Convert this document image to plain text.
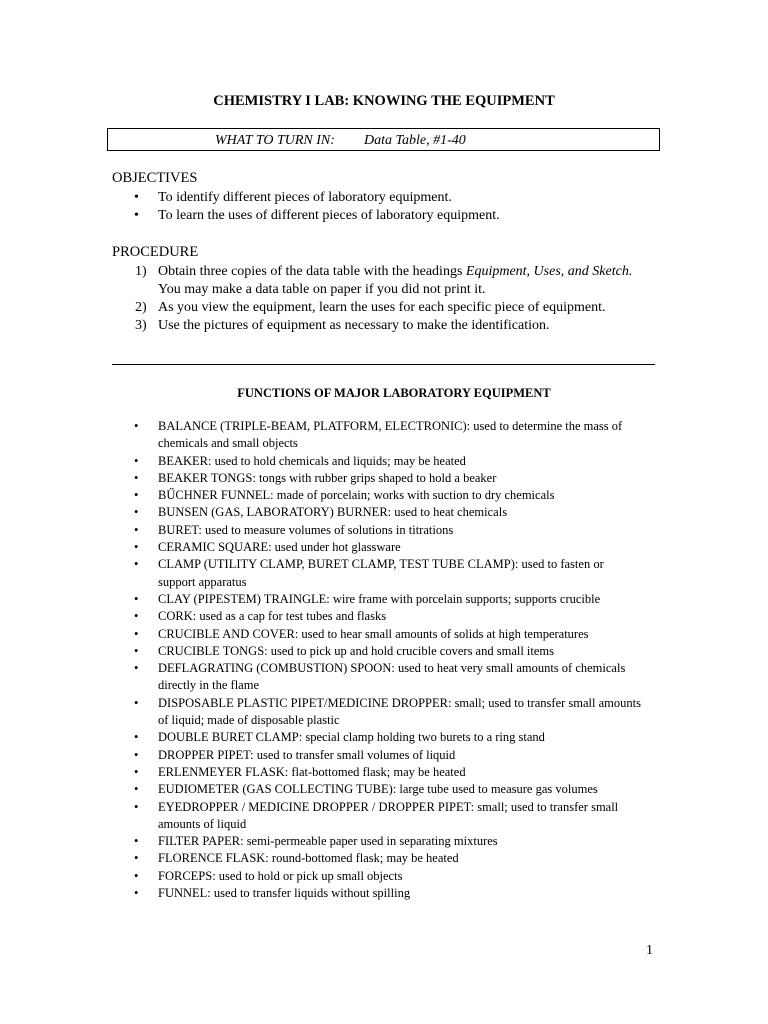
CHEMISTRY I LAB: KNOWING THE EQUIPMENT
WHAT TO TURN IN: Data Table, #1-40
OBJECTIVES
• To identify different pieces of laboratory equipment.
• To learn the uses of different pieces of laboratory equipment.
PROCEDURE
1) Obtain three copies of the data table with the headings Equipment, Uses, and Sketch. You may make a data table on paper if you did not print it.
2) As you view the equipment, learn the uses for each specific piece of equipment.
3) Use the pictures of equipment as necessary to make the identification.
FUNCTIONS OF MAJOR LABORATORY EQUIPMENT
• BALANCE (TRIPLE-BEAM, PLATFORM, ELECTRONIC): used to determine the mass of chemicals and small objects
• BEAKER: used to hold chemicals and liquids; may be heated
• BEAKER TONGS: tongs with rubber grips shaped to hold a beaker
• BŰCHNER FUNNEL: made of porcelain; works with suction to dry chemicals
• BUNSEN (GAS, LABORATORY) BURNER: used to heat chemicals
• BURET: used to measure volumes of solutions in titrations
• CERAMIC SQUARE: used under hot glassware
• CLAMP (UTILITY CLAMP, BURET CLAMP, TEST TUBE CLAMP): used to fasten or support apparatus
• CLAY (PIPESTEM) TRAINGLE: wire frame with porcelain supports; supports crucible
• CORK: used as a cap for test tubes and flasks
• CRUCIBLE AND COVER: used to hear small amounts of solids at high temperatures
• CRUCIBLE TONGS: used to pick up and hold crucible covers and small items
• DEFLAGRATING (COMBUSTION) SPOON: used to heat very small amounts of chemicals directly in the flame
• DISPOSABLE PLASTIC PIPET/MEDICINE DROPPER: small; used to transfer small amounts of liquid; made of disposable plastic
• DOUBLE BURET CLAMP: special clamp holding two burets to a ring stand
• DROPPER PIPET: used to transfer small volumes of liquid
• ERLENMEYER FLASK: flat-bottomed flask; may be heated
• EUDIOMETER (GAS COLLECTING TUBE): large tube used to measure gas volumes
• EYEDROPPER / MEDICINE DROPPER / DROPPER PIPET: small; used to transfer small amounts of liquid
• FILTER PAPER: semi-permeable paper used in separating mixtures
• FLORENCE FLASK: round-bottomed flask; may be heated
• FORCEPS: used to hold or pick up small objects
• FUNNEL: used to transfer liquids without spilling
1
